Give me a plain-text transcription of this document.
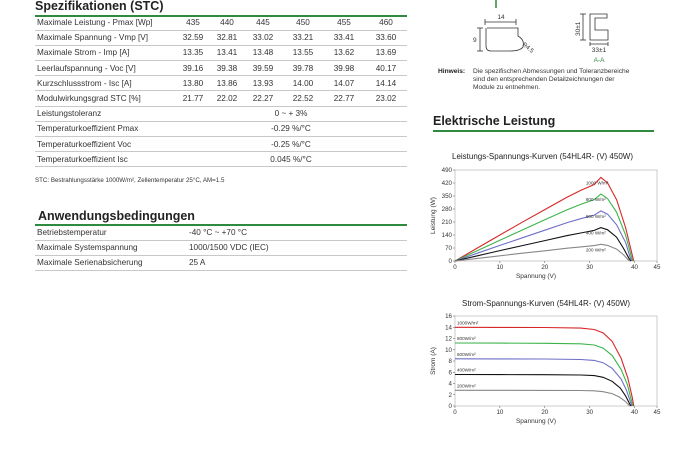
Spezifikationen (STC)
Maximale Leistung - Pmax [Wp]	435	440	445	450	455	460
Maximale Spannung - Vmp [V]	32.59	32.81	33.02	33.21	33.41	33.60
Maximale Strom - Imp [A]	13.35	13.41	13.48	13.55	13.62	13.69
Leerlaufspannung - Voc [V]	39.16	39.38	39.59	39.78	39.98	40.17
Kurzschlussstrom - Isc [A]	13.80	13.86	13.93	14.00	14.07	14.14
Modulwirkungsgrad STC [%]	21.77	22.02	22.27	22.52	22.77	23.02
Leistungstoleranz	0 ~ + 3%					
Temperaturkoeffizient Pmax	-0.29 %/°C					
Temperaturkoeffizient Voc	-0.25 %/°C					
Temperaturkoeffizient Isc	0.045 %/°C					
STC: Bestrahlungsstärke 1000W/m², Zellentemperatur 25°C, AM=1.5
Anwendungsbedingungen
Betriebstemperatur	-40 °C ~ +70 °C
Maximale Systemspannung	1000/1500 VDC (IEC)
Maximale Serienabsicherung	25 A
14
9
R4.5
30±1
33±1
A-A
Hinweis: Die spezifischen Abmessungen und Toleranzbereiche
sind den entsprechenden Detailzeichnungen der
Module zu entnehmen.
Elektrische Leistung
Leistungs-Spannungs-Kurven (54HL4R- (V) 450W)
0	10	20	30	40	45
0
70
140
210
280
350
420
490
Spannung (V)
Leistung (W)
1000 W/m²
800 W/m²
600 W/m²
400 W/m²
200 W/m²
Strom-Spannungs-Kurven (54HL4R- (V) 450W)
0	10	20	30	40	45
0
2
4
6
8
10
12
14
16
Spannung (V)
Strom (A)
1000W/m²
800W/m²
600W/m²
400W/m²
200W/m²
